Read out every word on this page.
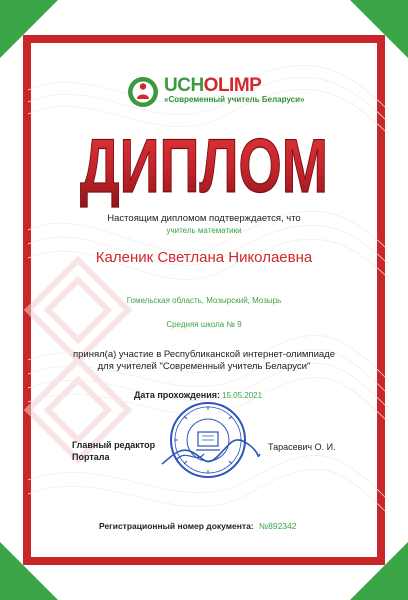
UCHOLIMP
«Современный учитель Беларуси»
ДИПЛОМ
Настоящим дипломом подтверждается, что
учитель математики
Каленик Светлана Николаевна
Гомельская область, Мозырский, Мозырь
Средняя школа № 9
принял(а) участие в Республиканской интернет-олимпиаде
для учителей "Современный учитель Беларуси"
Дата прохождения: 15.05.2021
Главный редактор
Портала
Тарасевич О. И.
Регистрационный номер документа: №892342
